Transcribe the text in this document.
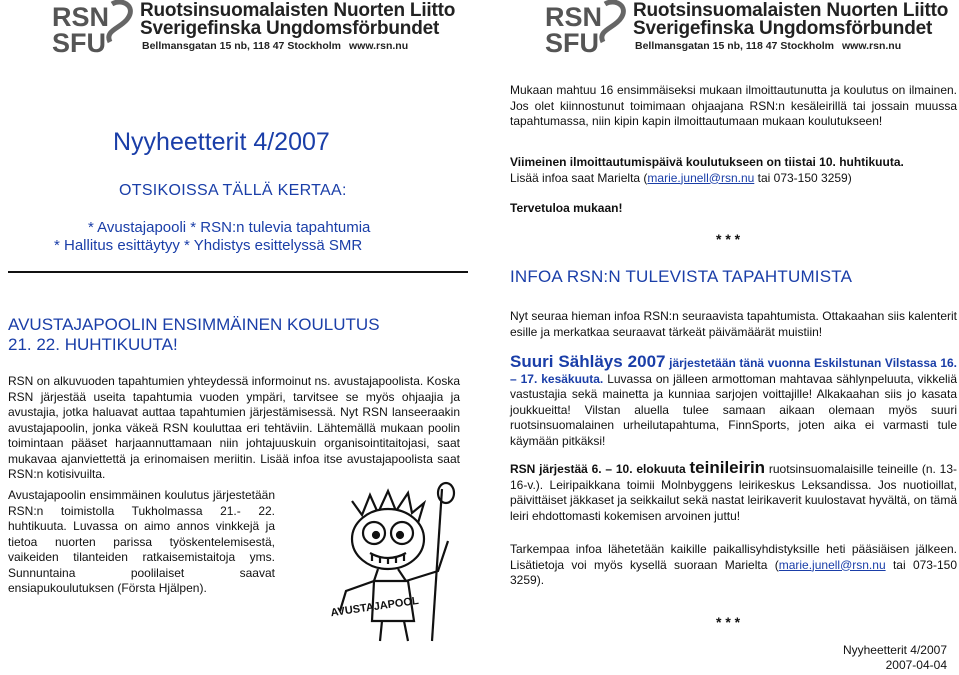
RSN
SFU
Ruotsinsuomalaisten Nuorten Liitto
Sverigefinska Ungdomsförbundet
Bellmansgatan 15 nb, 118 47 Stockholm www.rsn.nu
RSN
SFU
Ruotsinsuomalaisten Nuorten Liitto
Sverigefinska Ungdomsförbundet
Bellmansgatan 15 nb, 118 47 Stockholm www.rsn.nu
Nyyheetterit 4/2007
OTSIKOISSA TÄLLÄ KERTAA:
* Avustajapooli * RSN:n tulevia tapahtumia
* Hallitus esittäytyy * Yhdistys esittelyssä SMR
AVUSTAJAPOOLIN ENSIMMÄINEN KOULUTUS
21. 22. HUHTIKUUTA!
RSN on alkuvuoden tapahtumien yhteydessä informoinut ns. avustajapoolista. Koska RSN järjestää useita tapahtumia vuoden ympäri, tarvitsee se myös ohjaajia ja avustajia, jotka haluavat auttaa tapahtumien järjestämisessä. Nyt RSN lanseeraakin avustajapoolin, jonka väkeä RSN kouluttaa eri tehtäviin. Lähtemällä mukaan poolin toimintaan pääset harjaannuttamaan niin johtajuuskuin organisointitaitojasi, saat mukavaa ajanviettettä ja erinomaisen meriitin. Lisää infoa itse avustajapoolista saat RSN:n kotisivuilta.
Avustajapoolin ensimmäinen koulutus järjestetään RSN:n toimistolla Tukholmassa 21.- 22. huhtikuuta. Luvassa on aimo annos vinkkejä ja tietoa nuorten parissa työskentelemisestä, vaikeiden tilanteiden ratkaisemistaitoja yms. Sunnuntaina poolilaiset saavat ensiapukoulutuksen (Första Hjälpen).
AVUSTAJAPOOL
Mukaan mahtuu 16 ensimmäiseksi mukaan ilmoittautunutta ja koulutus on ilmainen. Jos olet kiinnostunut toimimaan ohjaajana RSN:n kesäleirillä tai jossain muussa tapahtumassa, niin kipin kapin ilmoittautumaan mukaan koulutukseen!
Viimeinen ilmoittautumispäivä koulutukseen on tiistai 10. huhtikuuta.
Lisää infoa saat Marielta (marie.junell@rsn.nu tai 073-150 3259)
Tervetuloa mukaan!
* * *
INFOA RSN:N TULEVISTA TAPAHTUMISTA
Nyt seuraa hieman infoa RSN:n seuraavista tapahtumista. Ottakaahan siis kalenterit esille ja merkatkaa seuraavat tärkeät päivämäärät muistiin!
Suuri Sähläys 2007 järjestetään tänä vuonna Eskilstunan Vilstassa 16. – 17. kesäkuuta. Luvassa on jälleen armottoman mahtavaa sählynpeluuta, vikkeliä vastustajia sekä mainetta ja kunniaa sarjojen voittajille! Alkakaahan siis jo kasata joukkueitta! Vilstan aluella tulee samaan aikaan olemaan myös suuri ruotsinsuomalainen urheilutapahtuma, FinnSports, joten aika ei varmasti tule käymään pitkäksi!
RSN järjestää 6. – 10. elokuuta teinileirin ruotsinsuomalaisille teineille (n. 13-16-v.). Leiripaikkana toimii Molnbyggens leirikeskus Leksandissa. Jos nuotioillat, päivittäiset jäkkaset ja seikkailut sekä nastat leirikaverit kuulostavat hyvältä, on tämä leiri ehdottomasti kokemisen arvoinen juttu!
Tarkempaa infoa lähetetään kaikille paikallisyhdistyksille heti pääsiäisen jälkeen. Lisätietoja voi myös kysellä suoraan Marielta (marie.junell@rsn.nu tai 073-150 3259).
* * *
Nyyheetterit 4/2007
2007-04-04
